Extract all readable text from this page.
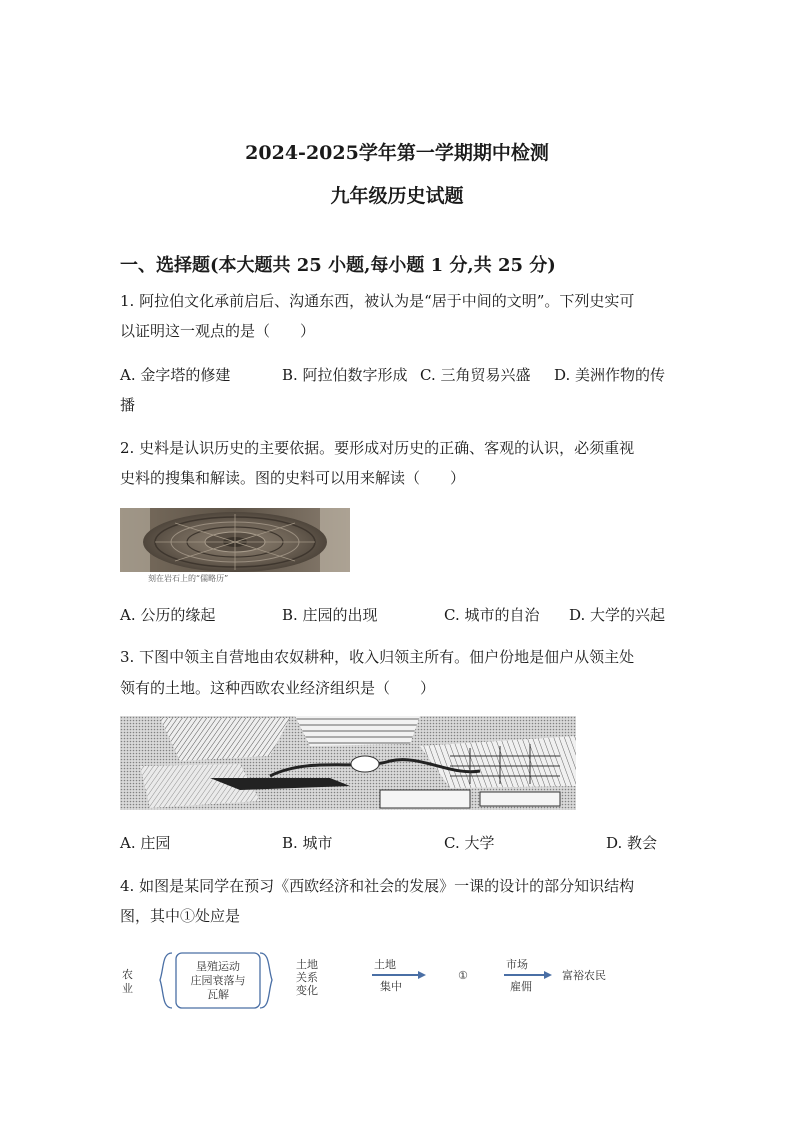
2024-2025学年第一学期期中检测
九年级历史试题
一、选择题(本大题共 25 小题,每小题 1 分,共 25 分)
1. 阿拉伯文化承前启后、沟通东西，被认为是“居于中间的文明”。下列史实可
以证明这一观点的是（　　）
A. 金字塔的修建	B. 阿拉伯数字形成 C. 三角贸易兴盛 D. 美洲作物的传
播
2. 史料是认识历史的主要依据。要形成对历史的正确、客观的认识，必须重视
史料的搜集和解读。图的史料可以用来解读（　　）
刻在岩石上的“儒略历”
A. 公历的缘起	B. 庄园的出现	C. 城市的自治 D. 大学的兴起
3. 下图中领主自营地由农奴耕种，收入归领主所有。佃户份地是佃户从领主处
领有的土地。这种西欧农业经济组织是（　　）
A. 庄园	B. 城市	C. 大学	D. 教会
4. 如图是某同学在预习《西欧经济和社会的发展》一课的设计的部分知识结构
图，其中①处应是
农
业
垦殖运动
庄园衰落与
瓦解
土地
关系
变化
土地
集中
①
市场
雇佣
富裕农民
